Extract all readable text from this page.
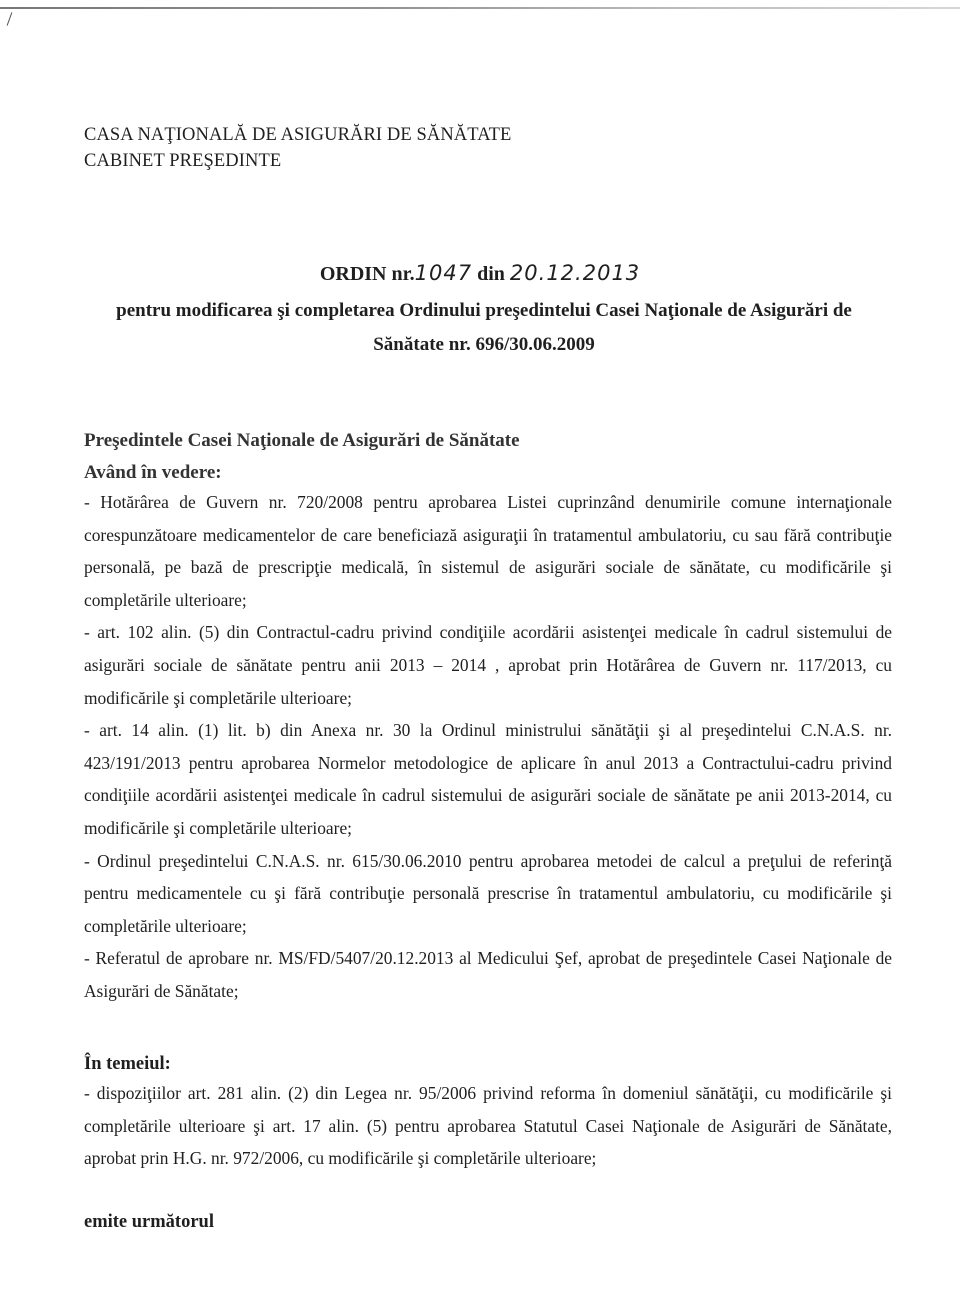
CASA NAŢIONALĂ DE ASIGURĂRI DE SĂNĂTATE
CABINET PREŞEDINTE
ORDIN nr.1047 din 20.12.2013
pentru modificarea şi completarea Ordinului preşedintelui Casei Naţionale de Asigurări de
Sănătate nr. 696/30.06.2009
Preşedintele Casei Naţionale de Asigurări de Sănătate
Având în vedere:

- Hotărârea de Guvern nr. 720/2008 pentru aprobarea Listei cuprinzând denumirile comune internaţionale corespunzătoare medicamentelor de care beneficiază asiguraţii în tratamentul ambulatoriu, cu sau fără contribuţie personală, pe bază de prescripţie medicală, în sistemul de asigurări sociale de sănătate, cu modificările şi completările ulterioare;

- art. 102 alin. (5) din Contractul-cadru privind condiţiile acordării asistenţei medicale în cadrul sistemului de asigurări sociale de sănătate pentru anii 2013 – 2014 , aprobat prin Hotărârea de Guvern nr. 117/2013, cu modificările şi completările ulterioare;

- art. 14 alin. (1) lit. b) din Anexa nr. 30 la Ordinul ministrului sănătăţii şi al preşedintelui C.N.A.S. nr. 423/191/2013 pentru aprobarea Normelor metodologice de aplicare în anul 2013 a Contractului-cadru privind condiţiile acordării asistenţei medicale în cadrul sistemului de asigurări sociale de sănătate pe anii 2013-2014, cu modificările şi completările ulterioare;

- Ordinul preşedintelui C.N.A.S. nr. 615/30.06.2010 pentru aprobarea metodei de calcul a preţului de referinţă pentru medicamentele cu şi fără contribuţie personală prescrise în tratamentul ambulatoriu, cu modificările şi completările ulterioare;

- Referatul de aprobare nr. MS/FD/5407/20.12.2013 al Medicului Şef, aprobat de preşedintele Casei Naţionale de Asigurări de Sănătate;

În temeiul:

- dispoziţiilor art. 281 alin. (2) din Legea nr. 95/2006 privind reforma în domeniul sănătăţii, cu modificările şi completările ulterioare şi art. 17 alin. (5) pentru aprobarea Statutul Casei Naţionale de Asigurări de Sănătate, aprobat prin H.G. nr. 972/2006, cu modificările şi completările ulterioare;

emite următorul
